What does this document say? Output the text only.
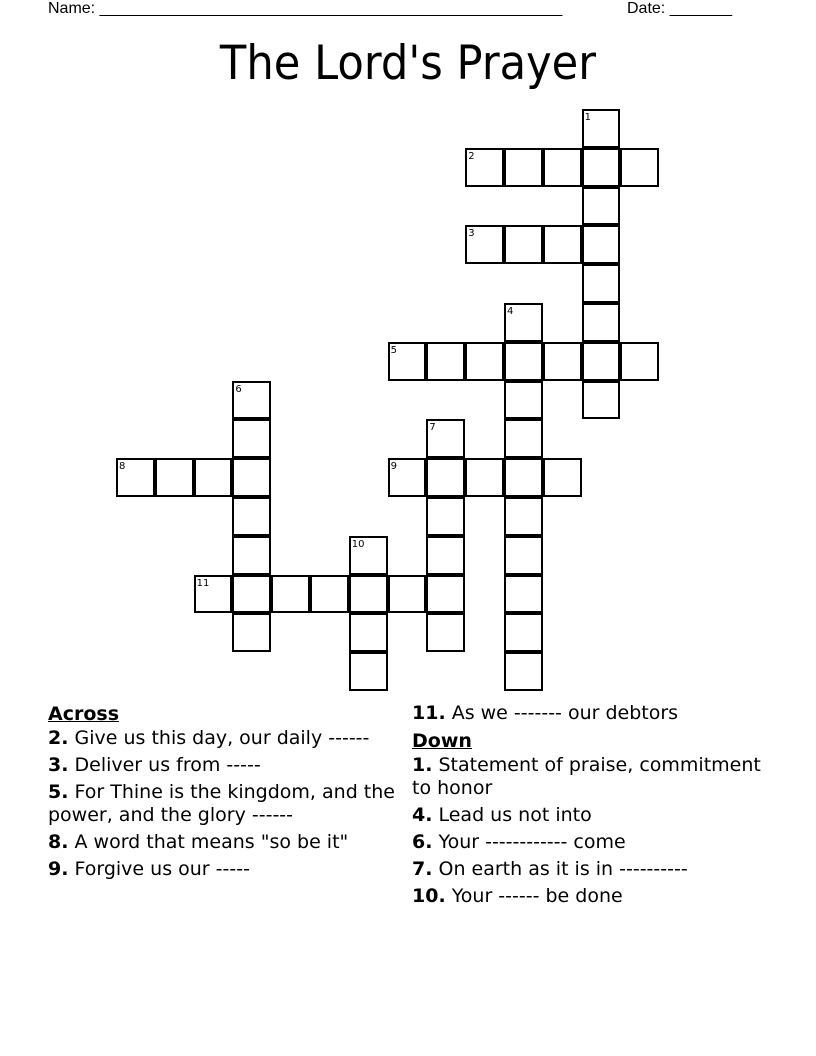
Name: ____________________________________________________	Date: _______
The Lord's Prayer
1
2
3
4
5
6
7
8	9
10
11
Across
2. Give us this day, our daily ------
3. Deliver us from -----
5. For Thine is the kingdom, and the power, and the glory ------
8. A word that means "so be it"
9. Forgive us our -----
11. As we ------- our debtors
Down
1. Statement of praise, commitment to honor
4. Lead us not into
6. Your ------------ come
7. On earth as it is in ----------
10. Your ------ be done
